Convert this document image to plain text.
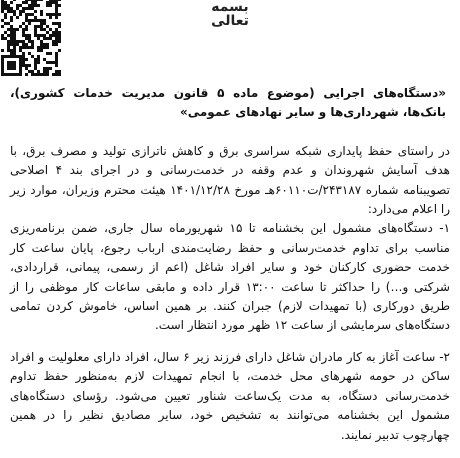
بسمه تعالی

«دستگاه‌های اجرایی (موضوع ماده ۵ قانون مدیریت خدمات کشوری)، بانک‌ها، شهرداری‌ها و سایر نهادهای عمومی»

در راستای حفظ پایداری شبکه سراسری برق و کاهش ناترازی تولید و مصرف برق، با هدف آسایش شهروندان و عدم وقفه در خدمت‌رسانی و در اجرای بند ۴ اصلاحی تصویبنامه شماره ۲۴۳۱۸۷/ت۶۰۱۱۰هـ مورخ ۱۴۰۱/۱۲/۲۸ هیئت محترم وزیران، موارد زیر را اعلام می‌دارد:

۱- دستگاه‌های مشمول این بخشنامه تا ۱۵ شهریورماه سال جاری، ضمن برنامه‌ریزی مناسب برای تداوم خدمت‌رسانی و حفظ رضایت‌مندی ارباب رجوع، پایان ساعت کار خدمت حضوری کارکنان خود و سایر افراد شاغل (اعم از رسمی، پیمانی، قراردادی، شرکتی و…) را حداکثر تا ساعت ۱۳:۰۰ قرار داده و مابقی ساعات کار موظفی را از طریق دورکاری (با تمهیدات لازم) جبران کنند. بر همین اساس، خاموش کردن تمامی دستگاه‌های سرمایشی از ساعت ۱۲ ظهر مورد انتظار است.

۲- ساعت آغاز به کار مادران شاغل دارای فرزند زیر ۶ سال، افراد دارای معلولیت و افراد ساکن در حومه شهرهای محل خدمت، با انجام تمهیدات لازم به‌منظور حفظ تداوم خدمت‌رسانی دستگاه، به مدت یک‌ساعت شناور تعیین می‌شود. رؤسای دستگاه‌های مشمول این بخشنامه می‌توانند به تشخیص خود، سایر مصادیق نظیر را در همین چهارچوب تدبیر نمایند.
